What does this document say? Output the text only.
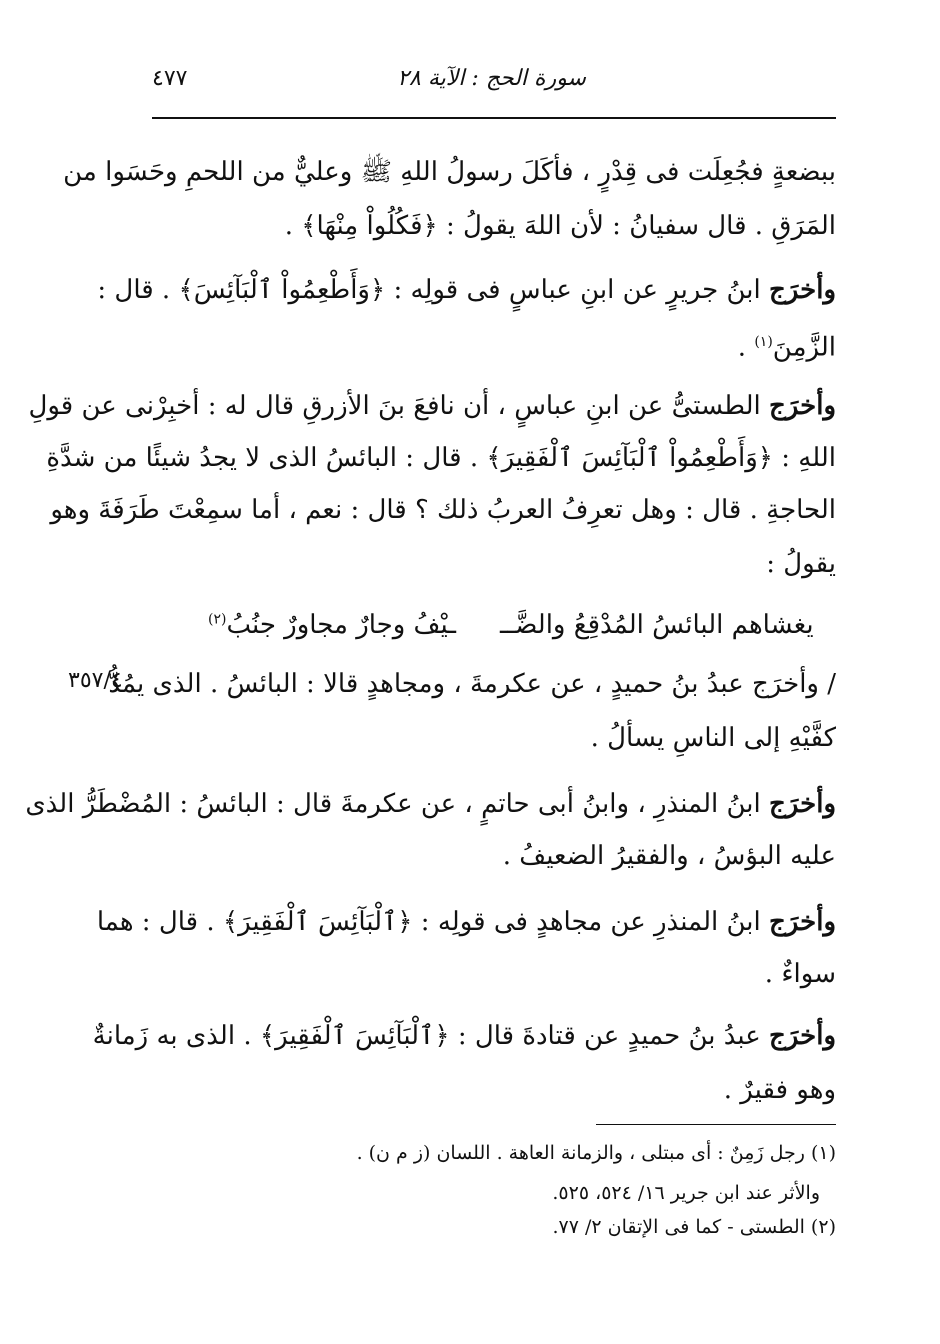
سورة الحج : الآية ٢٨
٤٧٧
ببضعةٍ فجُعِلَت فى قِدْرٍ ، فأكَلَ رسولُ اللهِ ﷺ وعليٌّ من اللحمِ وحَسَوا من
المَرَقِ . قال سفيانُ : لأن اللهَ يقولُ : ﴿فَكُلُواْ مِنْهَا﴾ .
وأخرَج ابنُ جريرٍ عن ابنِ عباسٍ فى قولِه : ﴿وَأَطْعِمُواْ ٱلْبَآئِسَ﴾ . قال :
الزَّمِنَ$^{(١)}$ .
وأخرَج الطستىُّ عن ابنِ عباسٍ ، أن نافعَ بنَ الأزرقِ قال له : أخبِرْنى عن قولِ
اللهِ : ﴿وَأَطْعِمُواْ ٱلْبَآئِسَ ٱلْفَقِيرَ﴾ . قال : البائسُ الذى لا يجدُ شيئًا من شدَّةِ
الحاجةِ . قال : وهل تعرِفُ العربُ ذلك ؟ قال : نعم ، أما سمِعْتَ طَرَفَةَ وهو
يقولُ :
يغشاهم البائسُ المُدْقِعُ والضَّــ
ـيْفُ وجارٌ مجاورٌ جنُبُ$^{(٢)}$
/ وأخرَج عبدُ بنُ حميدٍ ، عن عكرمةَ ، ومجاهدٍ قالا : البائسُ . الذى يمُدُّ
٣٥٧/٤
كفَّيْهِ إلى الناسِ يسألُ .
وأخرَج ابنُ المنذرِ ، وابنُ أبى حاتمٍ ، عن عكرمةَ قال : البائسُ : المُضْطَرُّ الذى
عليه البؤسُ ، والفقيرُ الضعيفُ .
وأخرَج ابنُ المنذرِ عن مجاهدٍ فى قولِه : ﴿ٱلْبَآئِسَ ٱلْفَقِيرَ﴾ . قال : هما
سواءٌ .
وأخرَج عبدُ بنُ حميدٍ عن قتادةَ قال : ﴿ٱلْبَآئِسَ ٱلْفَقِيرَ﴾ . الذى به زَمانةٌ
وهو فقيرٌ .
(١) رجل زَمِنٌ : أى مبتلى ، والزمانة العاهة . اللسان (ز م ن) .
والأثر عند ابن جرير ١٦/ ٥٢٤، ٥٢٥.
(٢) الطستى - كما فى الإتقان ٢/ ٧٧.
